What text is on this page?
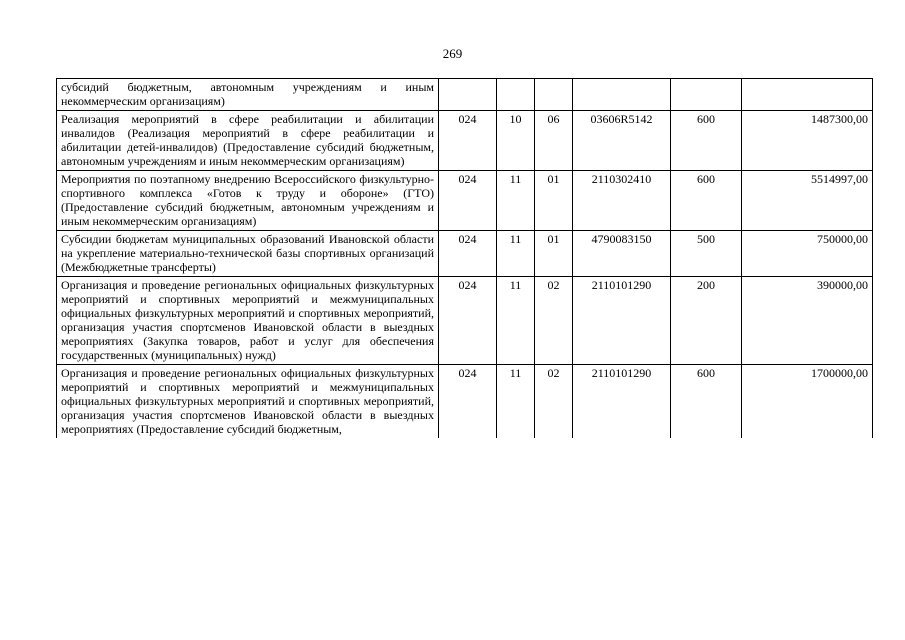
269
субсидий бюджетным, автономным учреждениям и иным некоммерческим организациям)						
Реализация мероприятий в сфере реабилитации и абилитации инвалидов (Реализация мероприятий в сфере реабилитации и абилитации детей-инвалидов) (Предоставление субсидий бюджетным, автономным учреждениям и иным некоммерческим организациям)	024	10	06	03606R5142	600	1487300,00
Мероприятия по поэтапному внедрению Всероссийского физкультурно-спортивного комплекса «Готов к труду и обороне» (ГТО) (Предоставление субсидий бюджетным, автономным учреждениям и иным некоммерческим организациям)	024	11	01	2110302410	600	5514997,00
Субсидии бюджетам муниципальных образований Ивановской области на укрепление материально-технической базы спортивных организаций (Межбюджетные трансферты)	024	11	01	4790083150	500	750000,00
Организация и проведение региональных официальных физкультурных мероприятий и спортивных мероприятий и межмуниципальных официальных физкультурных мероприятий и спортивных мероприятий, организация участия спортсменов Ивановской области в выездных мероприятиях (Закупка товаров, работ и услуг для обеспечения государственных (муниципальных) нужд)	024	11	02	2110101290	200	390000,00
Организация и проведение региональных официальных физкультурных мероприятий и спортивных мероприятий и межмуниципальных официальных физкультурных мероприятий и спортивных мероприятий, организация участия спортсменов Ивановской области в выездных мероприятиях (Предоставление субсидий бюджетным,	024	11	02	2110101290	600	1700000,00
